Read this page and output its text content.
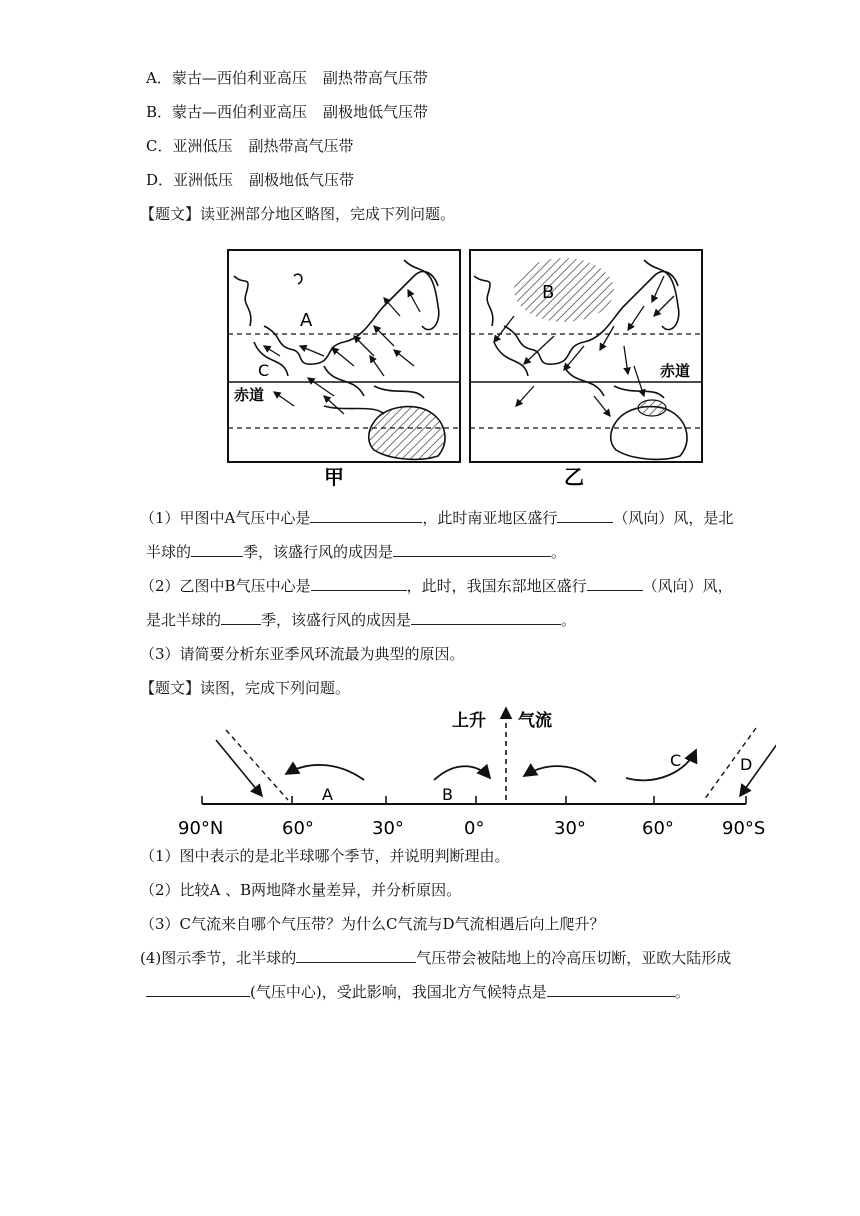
A．蒙古—西伯利亚高压 副热带高气压带
B．蒙古—西伯利亚高压 副极地低气压带
C．亚洲低压 副热带高气压带
D．亚洲低压 副极地低气压带
【题文】读亚洲部分地区略图，完成下列问题。
A
C
赤道
甲
B
赤道
乙
（1）甲图中A气压中心是	，此时南亚地区盛行	（风向）风，是北
半球的	季，该盛行风的成因是	。
（2）乙图中B气压中心是	，此时，我国东部地区盛行	（风向）风，
是北半球的	季，该盛行风的成因是	。
（3）请简要分析东亚季风环流最为典型的原因。
【题文】读图，完成下列问题。
上升 气流
A	B
C	D
90°N	60°	30°	0°	30°	60°	90°S
（1）图中表示的是北半球哪个季节，并说明判断理由。
（2）比较A 、B两地降水量差异，并分析原因。
（3）C气流来自哪个气压带？为什么C气流与D气流相遇后向上爬升？
(4)图示季节，北半球的	气压带会被陆地上的冷高压切断，亚欧大陆形成
(气压中心)，受此影响，我国北方气候特点是	。
